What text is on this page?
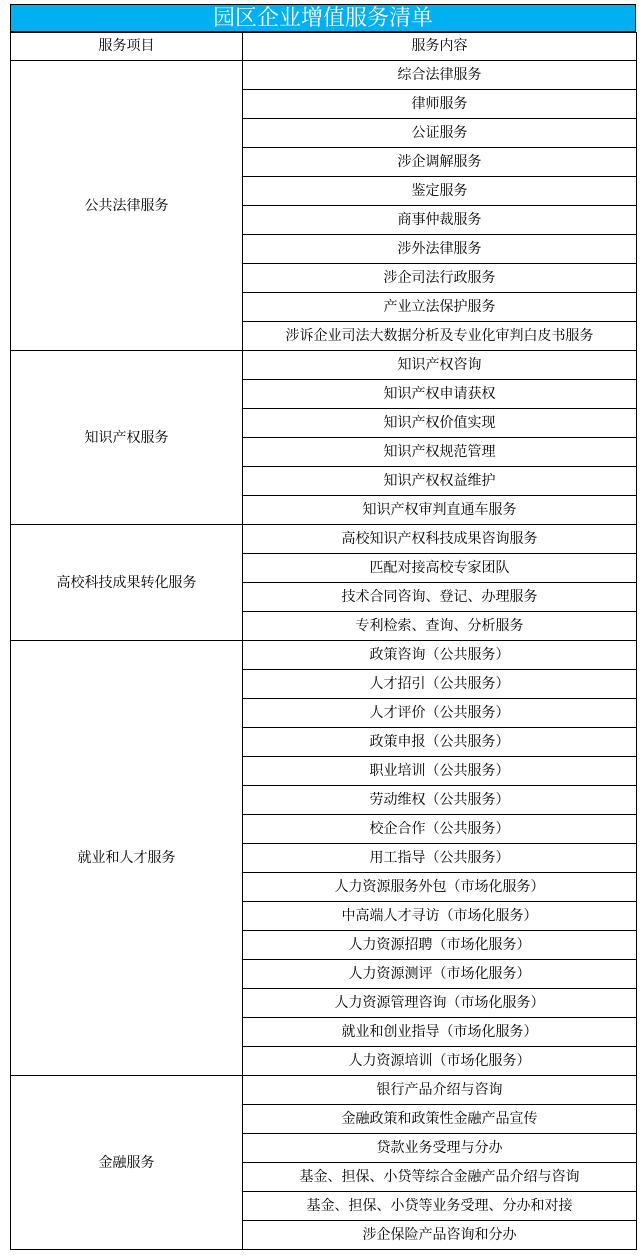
园区企业增值服务清单
服务项目	服务内容
公共法律服务	综合法律服务
	律师服务
	公证服务
	涉企调解服务
	鉴定服务
	商事仲裁服务
	涉外法律服务
	涉企司法行政服务
	产业立法保护服务
	涉诉企业司法大数据分析及专业化审判白皮书服务
知识产权服务	知识产权咨询
	知识产权申请获权
	知识产权价值实现
	知识产权规范管理
	知识产权权益维护
	知识产权审判直通车服务
高校科技成果转化服务	高校知识产权科技成果咨询服务
	匹配对接高校专家团队
	技术合同咨询、登记、办理服务
	专利检索、查询、分析服务
就业和人才服务	政策咨询（公共服务）
	人才招引（公共服务）
	人才评价（公共服务）
	政策申报（公共服务）
	职业培训（公共服务）
	劳动维权（公共服务）
	校企合作（公共服务）
	用工指导（公共服务）
	人力资源服务外包（市场化服务）
	中高端人才寻访（市场化服务）
	人力资源招聘（市场化服务）
	人力资源测评（市场化服务）
	人力资源管理咨询（市场化服务）
	就业和创业指导（市场化服务）
	人力资源培训（市场化服务）
金融服务	银行产品介绍与咨询
	金融政策和政策性金融产品宣传
	贷款业务受理与分办
	基金、担保、小贷等综合金融产品介绍与咨询
	基金、担保、小贷等业务受理、分办和对接
	涉企保险产品咨询和分办
